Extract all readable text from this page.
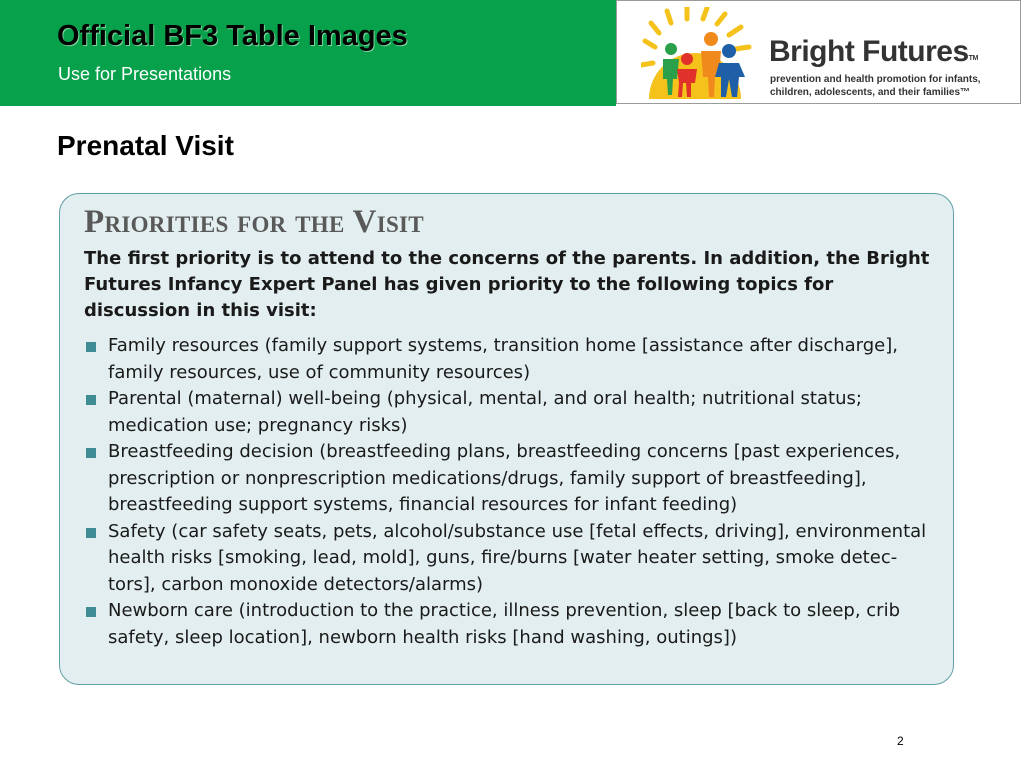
Official BF3 Table Images
Use for Presentations
Bright Futures™
prevention and health promotion for infants, children, adolescents, and their families™
Prenatal Visit
Priorities for the Visit

The first priority is to attend to the concerns of the parents. In addition, the Bright Futures Infancy Expert Panel has given priority to the following topics for discussion in this visit:

Family resources (family support systems, transition home [assistance after discharge], family resources, use of community resources)
Parental (maternal) well-being (physical, mental, and oral health; nutritional status; medication use; pregnancy risks)
Breastfeeding decision (breastfeeding plans, breastfeeding concerns [past experiences, prescription or nonprescription medications/drugs, family support of breastfeeding], breastfeeding support systems, financial resources for infant feeding)
Safety (car safety seats, pets, alcohol/substance use [fetal effects, driving], environmental health risks [smoking, lead, mold], guns, fire/burns [water heater setting, smoke detec-tors], carbon monoxide detectors/alarms)
Newborn care (introduction to the practice, illness prevention, sleep [back to sleep, crib safety, sleep location], newborn health risks [hand washing, outings])
2
